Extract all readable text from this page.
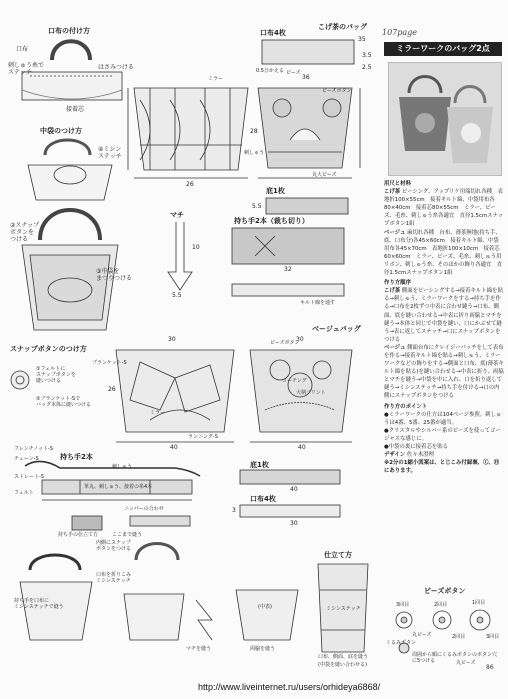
口布の付け方
刺しゅう糸で
ステッチ
はさみつける
接着芯
口布
中袋のつけ方
④ミシン
ステッチ
②スナップ
ボタンを
つける
③中袋を
まつりつける
スナップボタンのつけ方
①フェルトに
スナップボタンを
縫いつける
②ブランケット-Sで
バッグ本体に縫いつける
口布4枚
こげ茶のバッグ
35
3.5
2.5
28
26
36
0.5ひかえる
ミラー
ビーズ
丸大ビーズ
刺しゅう
ビーズボタン
底1枚
5.5
マチ
5.5
10
持ち手2本（裁ち切り）
32
キルト線を通す
ベージュバッグ
30
26
40
30
40
ランニング-S
ミラー
ビーズボタン
コーチング
大柄プリント
ブランケット-S
持ち手2本
フレンチノット-S
チェーン-S
ストレート-S
フェルト
刺しゅう
革丸、刺しゅう、接着の糸4本
ニッパーの合わせ
ここまで縫う
持ち手の仕立て方
内側にスナップ
ボタンをつける
口布を折りこみ
ミシンステッチ
持ち手を口布に
ミシンステッチで縫う
底1枚
40
口布4枚
3
30
仕立て方
ミシンステッチ
(中表)
両脇を縫う
マチを縫う
(中袋を縫い合わせる)
口布、側面、底を縫う
107page
ミラーワークのバッグ2点
用尺と材料
こげ茶 ビーシング、アップリケ用端切れ各種　表地折100×55cm　接着キルト綿、中袋用布各80×40cm　接着芯80×55cm　ミラー、ビーズ、毛糸、刺しゅう糸各適宜　直径1.5cmスナップボタン1組
ベージュ 麻切れ各種　台布、薄茶無地(持ち手、底、口布分)各45×60cm　接着キルト綿、中袋用布各45×70cm　表地折100×10cm　接着芯60×60cm　ミラー、ビーズ、毛糸、刺しゅう用リボン、刺しゅう糸、そのほかの飾り各適宜　直径1.5cmスナップボタン1組
作り方順序
こげ茶 側面をピーシングする→接着キルト綿を貼る→刺しゅう、ミラーワークをする→持ち手を作る→口布を2枚ずつ中表に合わせ縫う→口布、側面、底を縫い合わせる→中表に折り両脇とマチを縫う→本体と同じで中袋を縫い、口にかぶせて縫う→表に返してステッチ→口にスナップボタンをつける
ベージュ 側面台布にクレイジーパッチをして表布を作る→接着キルト綿を貼る→刺しゅう、ミラーワークなどの飾りをする→側面と口布、底(薄茶キルト綿を貼る)を縫い合わせる→中表に折り、両脇とマチを縫う→中袋を中に入れ、口を折り返して縫う→ミシンステッチ→持ち手を付ける→口の内側にスナップボタンをつける
作り方のポイント
●ミラーワークの仕方は104ページ参照。刺しゅうは4番、5番、25番が適当。
●クリスタルやシルバー系のビーズを使ってゴージャスな感じに。
●中袋の裏に接着芯を貼る
デザイン 佐々木澄理
※2分の1縮小図案は、とじこみ付録裏、Ⓘ、Ⓗにあります。
ビーズボタン
3回目	2回目	1回目
2回目	3回目
くるみボタン
丸ビーズ
丸ビーズ
周囲から順にくるみボタンのボタン穴に5つける
86
http://www.liveinternet.ru/users/orhideya6868/
